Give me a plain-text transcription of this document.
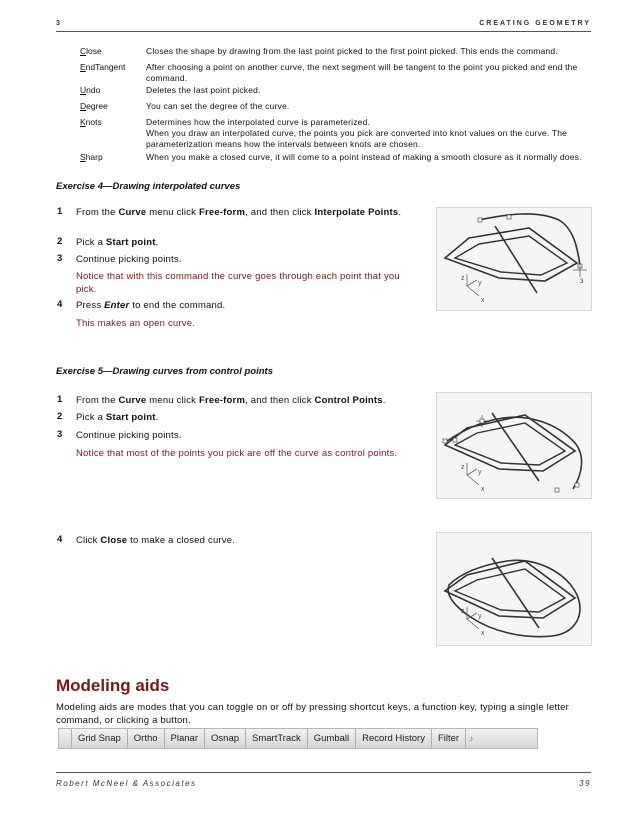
3	CREATING GEOMETRY
Close	Closes the shape by drawing from the last point picked to the first point picked. This ends the command.
EndTangent After choosing a point on another curve, the next segment will be tangent to the point you picked and end the command.
Undo	Deletes the last point picked.
Degree	You can set the degree of the curve.
Knots	Determines how the interpolated curve is parameterized.
When you draw an interpolated curve, the points you pick are converted into knot values on the curve. The parameterization means how the intervals between knots are chosen.
Sharp	When you make a closed curve, it will come to a point instead of making a smooth closure as it normally does.
Exercise 4—Drawing interpolated curves
1 From the Curve menu click Free-form, and then click Interpolate Points.
2 Pick a Start point.
3 Continue picking points.
Notice that with this command the curve goes through each point that you pick.
4 Press Enter to end the command.
This makes an open curve.
3
z
y
x
Exercise 5—Drawing curves from control points
1 From the Curve menu click Free-form, and then click Control Points.
2 Pick a Start point.
3 Continue picking points.
Notice that most of the points you pick are off the curve as control points.
4 Click Close to make a closed curve.
z
y
x
z
y
x
Modeling aids
Modeling aids are modes that you can toggle on or off by pressing shortcut keys, a function key, typing a single letter command, or clicking a button.
Grid Snap	Ortho	Planar	Osnap	SmartTrack	Gumball	Record History	Filter	♪
Robert McNeel & Associates	39
